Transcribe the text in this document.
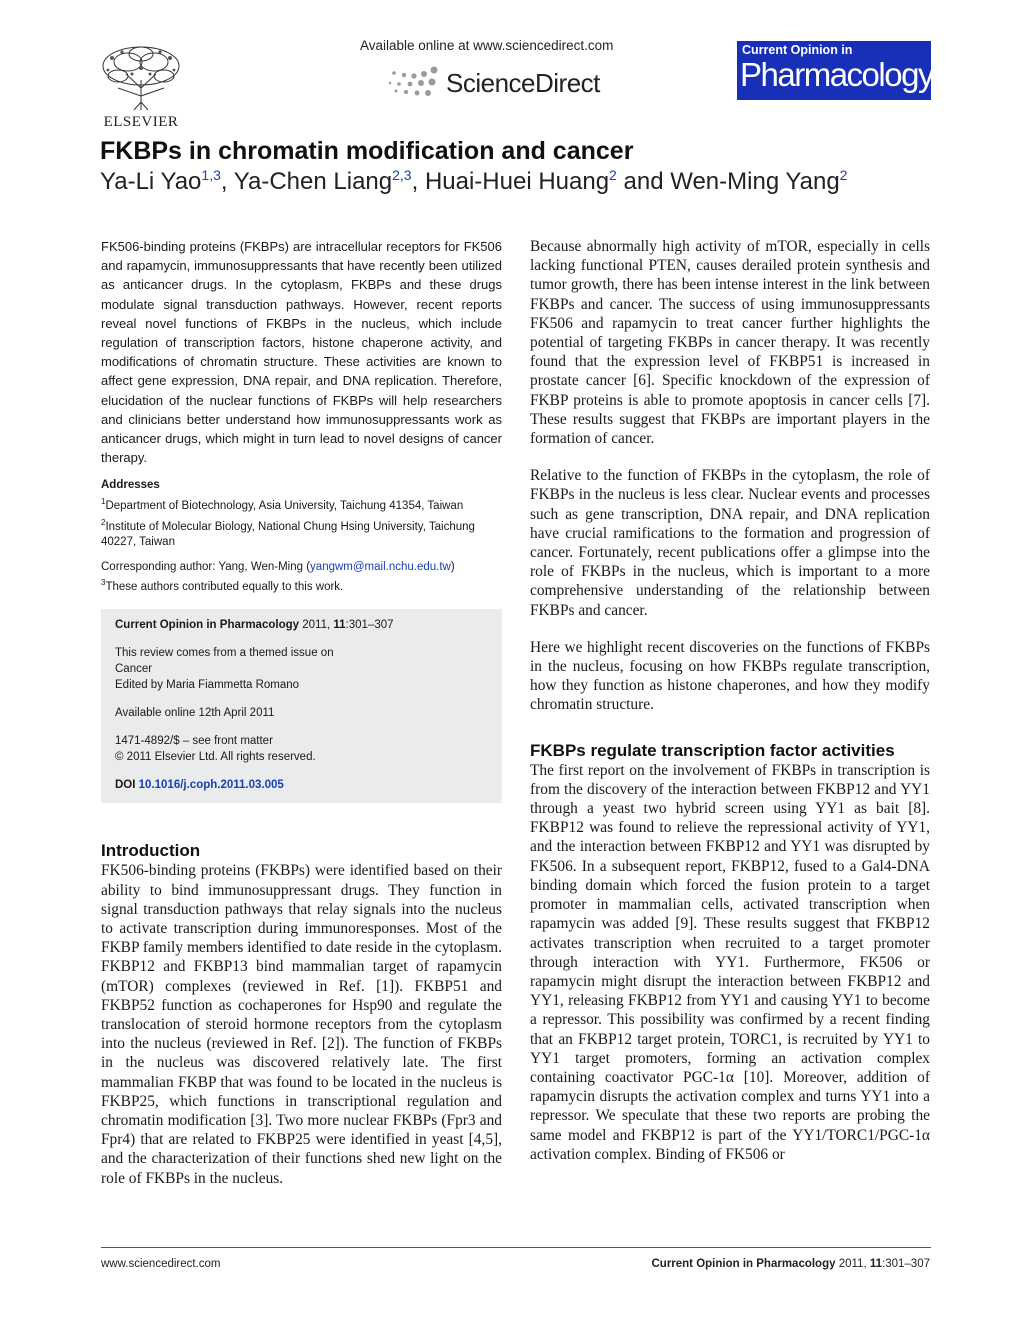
ELSEVIER
Available online at www.sciencedirect.com
ScienceDirect
Current Opinion in
Pharmacology
FKBPs in chromatin modification and cancer
Ya-Li Yao$^{1,3}$, Ya-Chen Liang$^{2,3}$, Huai-Huei Huang$^2$ and Wen-Ming Yang$^2$

FK506-binding proteins (FKBPs) are intracellular receptors for FK506 and rapamycin, immunosuppressants that have recently been utilized as anticancer drugs. In the cytoplasm, FKBPs and these drugs modulate signal transduction pathways. However, recent reports reveal novel functions of FKBPs in the nucleus, which include regulation of transcription factors, histone chaperone activity, and modifications of chromatin structure. These activities are known to affect gene expression, DNA repair, and DNA replication. Therefore, elucidation of the nuclear functions of FKBPs will help researchers and clinicians better understand how immunosuppressants work as anticancer drugs, which might in turn lead to novel designs of cancer therapy.

Addresses
$^1$Department of Biotechnology, Asia University, Taichung 41354, Taiwan
$^2$Institute of Molecular Biology, National Chung Hsing University, Taichung 40227, Taiwan
Corresponding author: Yang, Wen-Ming (yangwm@mail.nchu.edu.tw)
$^3$These authors contributed equally to this work.
Current Opinion in Pharmacology 2011, 11:301–307
This review comes from a themed issue on
Cancer
Edited by Maria Fiammetta Romano
Available online 12th April 2011
1471-4892/$ – see front matter
© 2011 Elsevier Ltd. All rights reserved.
DOI 10.1016/j.coph.2011.03.005
Introduction

FK506-binding proteins (FKBPs) were identified based on their ability to bind immunosuppressant drugs. They function in signal transduction pathways that relay signals into the nucleus to activate transcription during immunoresponses. Most of the FKBP family members identified to date reside in the cytoplasm. FKBP12 and FKBP13 bind mammalian target of rapamycin (mTOR) complexes (reviewed in Ref. [1]). FKBP51 and FKBP52 function as cochaperones for Hsp90 and regulate the translocation of steroid hormone receptors from the cytoplasm into the nucleus (reviewed in Ref. [2]). The function of FKBPs in the nucleus was discovered relatively late. The first mammalian FKBP that was found to be located in the nucleus is FKBP25, which functions in transcriptional regulation and chromatin modification [3]. Two more nuclear FKBPs (Fpr3 and Fpr4) that are related to FKBP25 were identified in yeast [4,5], and the characterization of their functions shed new light on the role of FKBPs in the nucleus.

Because abnormally high activity of mTOR, especially in cells lacking functional PTEN, causes derailed protein synthesis and tumor growth, there has been intense interest in the link between FKBPs and cancer. The success of using immunosuppressants FK506 and rapamycin to treat cancer further highlights the potential of targeting FKBPs in cancer therapy. It was recently found that the expression level of FKBP51 is increased in prostate cancer [6]. Specific knockdown of the expression of FKBP proteins is able to promote apoptosis in cancer cells [7]. These results suggest that FKBPs are important players in the formation of cancer.

Relative to the function of FKBPs in the cytoplasm, the role of FKBPs in the nucleus is less clear. Nuclear events and processes such as gene transcription, DNA repair, and DNA replication have crucial ramifications to the formation and progression of cancer. Fortunately, recent publications offer a glimpse into the role of FKBPs in the nucleus, which is important to a more comprehensive understanding of the relationship between FKBPs and cancer.

Here we highlight recent discoveries on the functions of FKBPs in the nucleus, focusing on how FKBPs regulate transcription, how they function as histone chaperones, and how they modify chromatin structure.

FKBPs regulate transcription factor activities

The first report on the involvement of FKBPs in transcription is from the discovery of the interaction between FKBP12 and YY1 through a yeast two hybrid screen using YY1 as bait [8]. FKBP12 was found to relieve the repressional activity of YY1, and the interaction between FKBP12 and YY1 was disrupted by FK506. In a subsequent report, FKBP12, fused to a Gal4-DNA binding domain which forced the fusion protein to a target promoter in mammalian cells, activated transcription when rapamycin was added [9]. These results suggest that FKBP12 activates transcription when recruited to a target promoter through interaction with YY1. Furthermore, FK506 or rapamycin might disrupt the interaction between FKBP12 and YY1, releasing FKBP12 from YY1 and causing YY1 to become a repressor. This possibility was confirmed by a recent finding that an FKBP12 target protein, TORC1, is recruited by YY1 to YY1 target promoters, forming an activation complex containing coactivator PGC-1α [10]. Moreover, addition of rapamycin disrupts the activation complex and turns YY1 into a repressor. We speculate that these two reports are probing the same model and FKBP12 is part of the YY1/TORC1/PGC-1α activation complex. Binding of FK506 or

www.sciencedirect.com	Current Opinion in Pharmacology 2011, 11:301–307
